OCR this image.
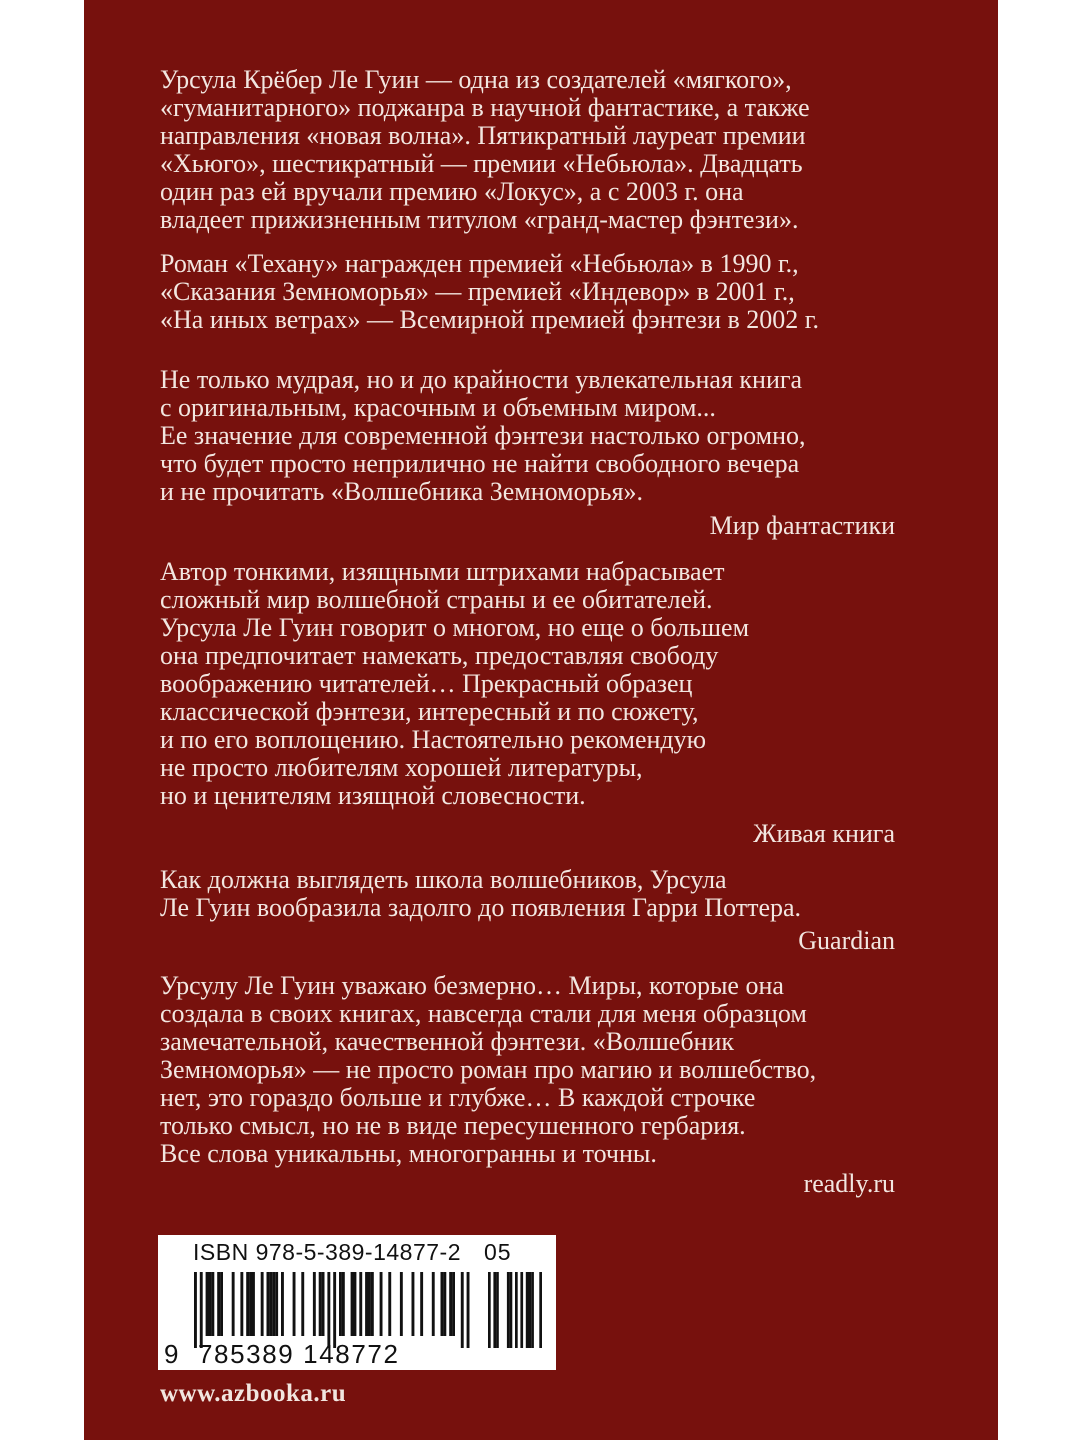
Урсула Крёбер Ле Гуин — одна из создателей «мягкого»,
«гуманитарного» поджанра в научной фантастике, а также
направления «новая волна». Пятикратный лауреат премии
«Хьюго», шестикратный — премии «Небьюла». Двадцать
один раз ей вручали премию «Локус», а с 2003 г. она
владеет прижизненным титулом «гранд-мастер фэнтези».

Роман «Техану» награжден премией «Небьюла» в 1990 г.,
«Сказания Земноморья» — премией «Индевор» в 2001 г.,
«На иных ветрах» — Всемирной премией фэнтези в 2002 г.

Не только мудрая, но и до крайности увлекательная книга
с оригинальным, красочным и объемным миром...
Ее значение для современной фэнтези настолько огромно,
что будет просто неприлично не найти свободного вечера
и не прочитать «Волшебника Земноморья».

Мир фантастики

Автор тонкими, изящными штрихами набрасывает
сложный мир волшебной страны и ее обитателей.
Урсула Ле Гуин говорит о многом, но еще о большем
она предпочитает намекать, предоставляя свободу
воображению читателей… Прекрасный образец
классической фэнтези, интересный и по сюжету,
и по его воплощению. Настоятельно рекомендую
не просто любителям хорошей литературы,
но и ценителям изящной словесности.

Живая книга

Как должна выглядеть школа волшебников, Урсула
Ле Гуин вообразила задолго до появления Гарри Поттера.

Guardian

Урсулу Ле Гуин уважаю безмерно… Миры, которые она
создала в своих книгах, навсегда стали для меня образцом
замечательной, качественной фэнтези. «Волшебник
Земноморья» — не просто роман про магию и волшебство,
нет, это гораздо больше и глубже… В каждой строчке
только смысл, но не в виде пересушенного гербария.
Все слова уникальны, многогранны и точны.

readly.ru
ISBN 978-5-389-14877-2 05
9 785389 148772
www.azbooka.ru
